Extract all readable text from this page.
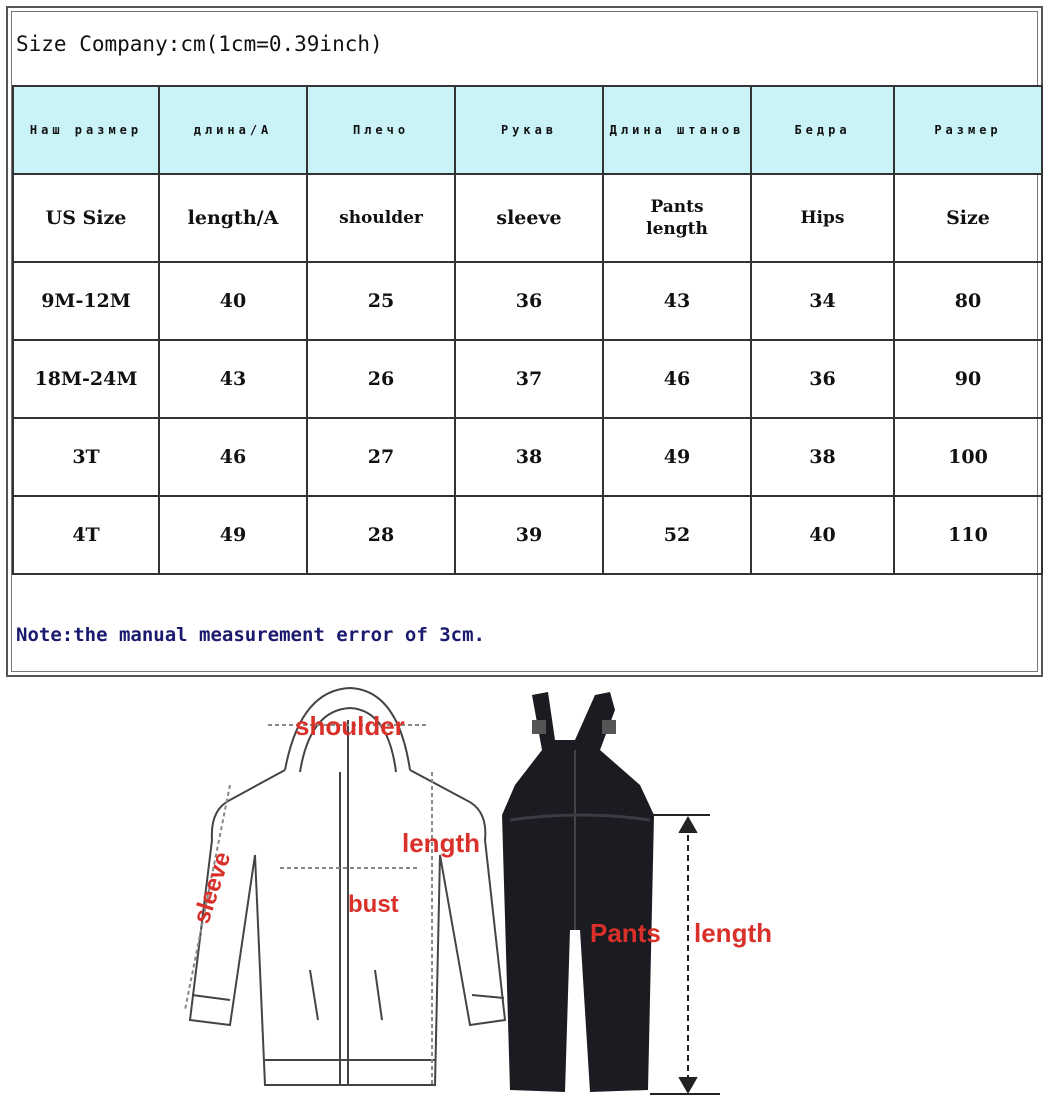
Size Company:cm(1cm=0.39inch)
Наш размер	длина/A	Плечо	Рукав	Длина штанов	Бедра	Размер
US Size	length/A	shoulder	sleeve	Pants length	Hips	Size
9M-12M	40	25	36	43	34	80
18M-24M	43	26	37	46	36	90
3T	46	27	38	49	38	100
4T	49	28	39	52	40	110
Note:the manual measurement error of 3cm.
shoulder
sleeve
length
bust
Pants length
